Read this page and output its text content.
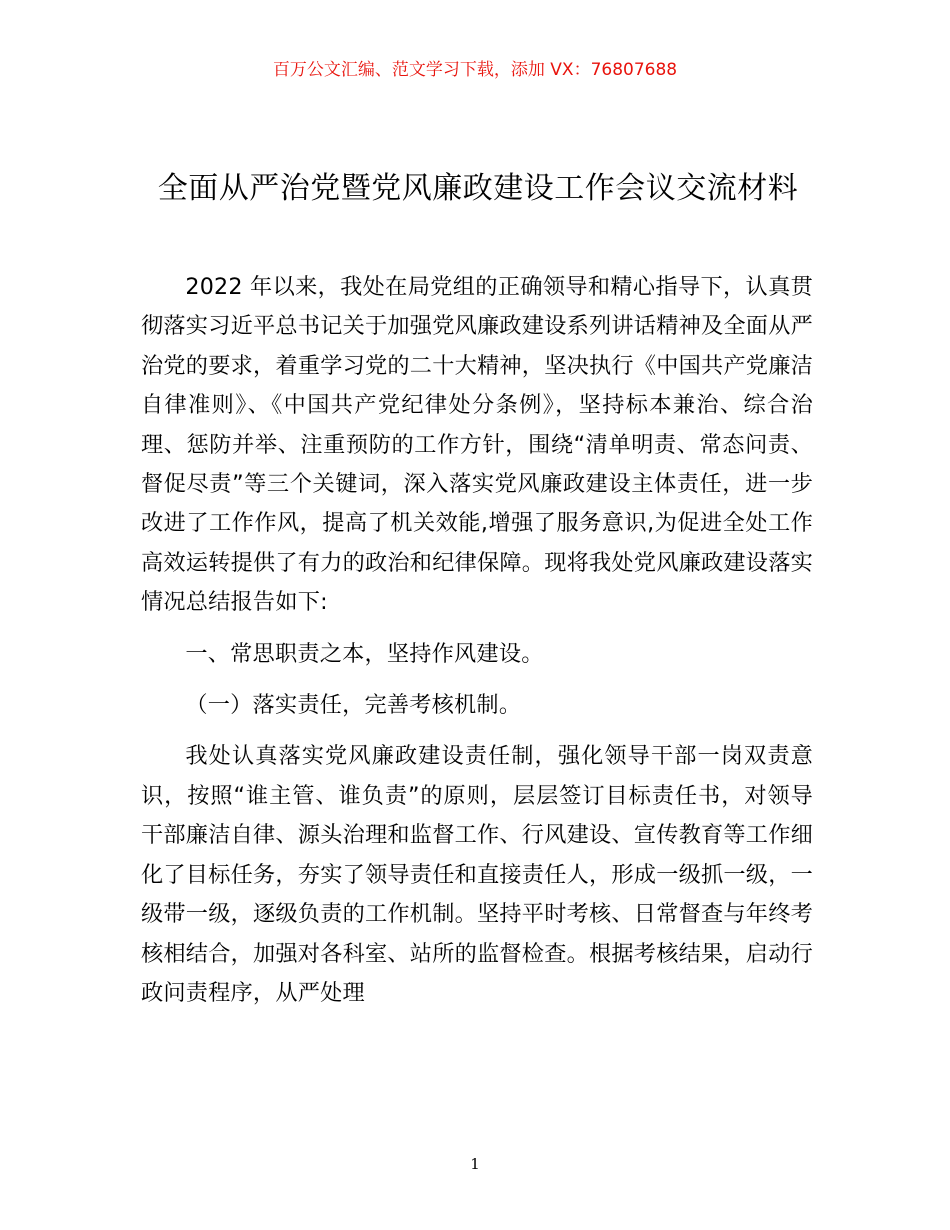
百万公文汇编、范文学习下载，添加 VX：76807688
全面从严治党暨党风廉政建设工作会议交流材料

2022 年以来，我处在局党组的正确领导和精心指导下，认真贯彻落实习近平总书记关于加强党风廉政建设系列讲话精神及全面从严治党的要求，着重学习党的二十大精神，坚决执行《中国共产党廉洁自律准则》、《中国共产党纪律处分条例》，坚持标本兼治、综合治理、惩防并举、注重预防的工作方针，围绕“清单明责、常态问责、督促尽责”等三个关键词，深入落实党风廉政建设主体责任，进一步改进了工作作风，提高了机关效能,增强了服务意识,为促进全处工作高效运转提供了有力的政治和纪律保障。现将我处党风廉政建设落实情况总结报告如下:

一、常思职责之本，坚持作风建设。

（一）落实责任，完善考核机制。

我处认真落实党风廉政建设责任制，强化领导干部一岗双责意识，按照“谁主管、谁负责”的原则，层层签订目标责任书，对领导干部廉洁自律、源头治理和监督工作、行风建设、宣传教育等工作细化了目标任务，夯实了领导责任和直接责任人，形成一级抓一级，一级带一级，逐级负责的工作机制。坚持平时考核、日常督查与年终考核相结合，加强对各科室、站所的监督检查。根据考核结果，启动行政问责程序，从严处理

1
